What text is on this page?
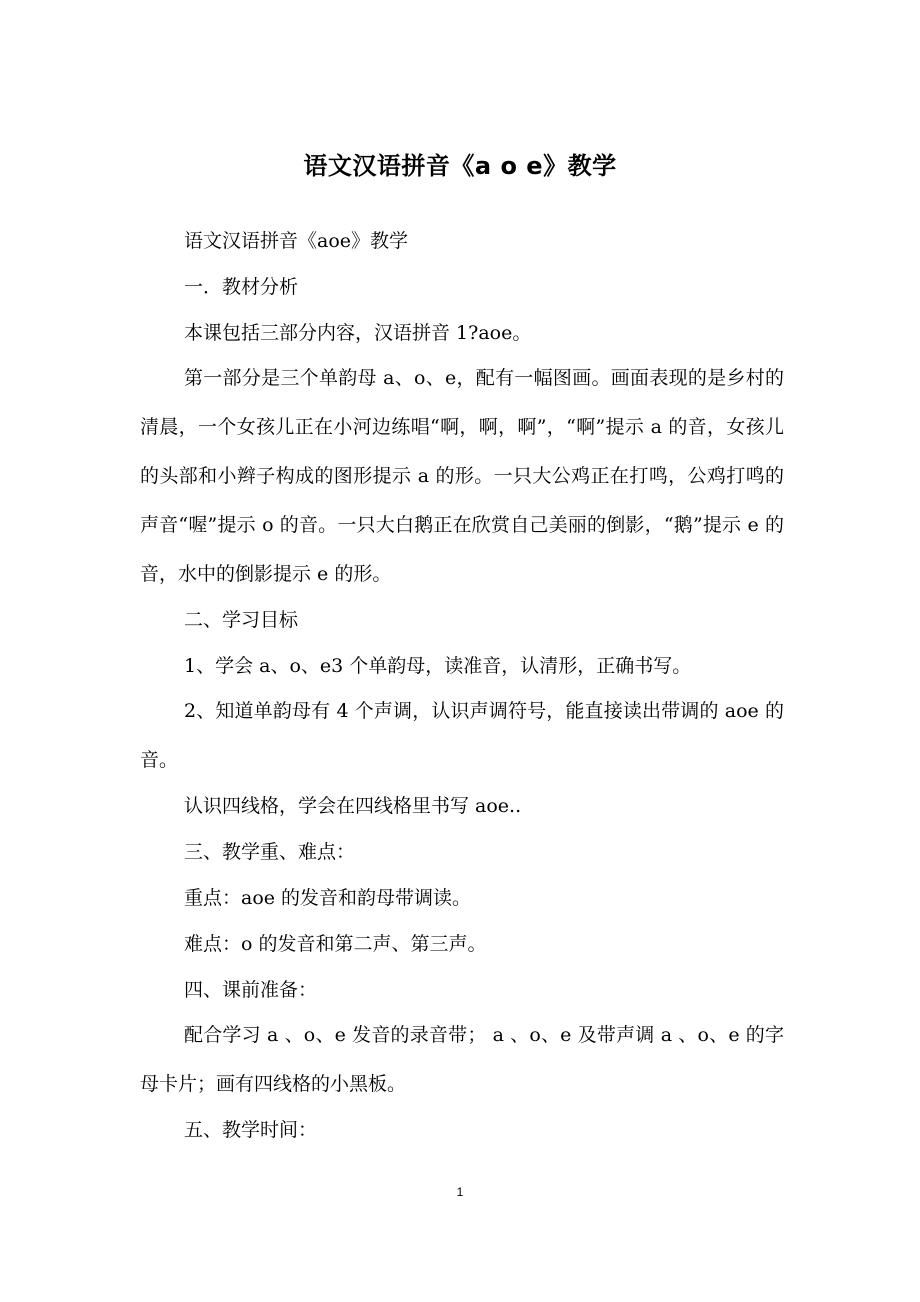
语文汉语拼音《a o e》教学

语文汉语拼音《aoe》教学

一．教材分析

本课包括三部分内容，汉语拼音 1?aoe。

第一部分是三个单韵母 a、o、e，配有一幅图画。画面表现的是乡村的清晨，一个女孩儿正在小河边练唱“啊，啊，啊”，“啊”提示 a 的音，女孩儿的头部和小辫子构成的图形提示 a 的形。一只大公鸡正在打鸣，公鸡打鸣的声音“喔”提示 o 的音。一只大白鹅正在欣赏自己美丽的倒影，“鹅”提示 e 的音，水中的倒影提示 e 的形。

二、学习目标

1、学会 a、o、e3 个单韵母，读准音，认清形，正确书写。

2、知道单韵母有 4 个声调，认识声调符号，能直接读出带调的 aoe 的音。

认识四线格，学会在四线格里书写 aoe..

三、教学重、难点：

重点：aoe 的发音和韵母带调读。

难点：o 的发音和第二声、第三声。

四、课前准备：

配合学习 a 、o、e 发音的录音带； a 、o、e 及带声调 a 、o、e 的字母卡片；画有四线格的小黑板。

五、教学时间：

1
